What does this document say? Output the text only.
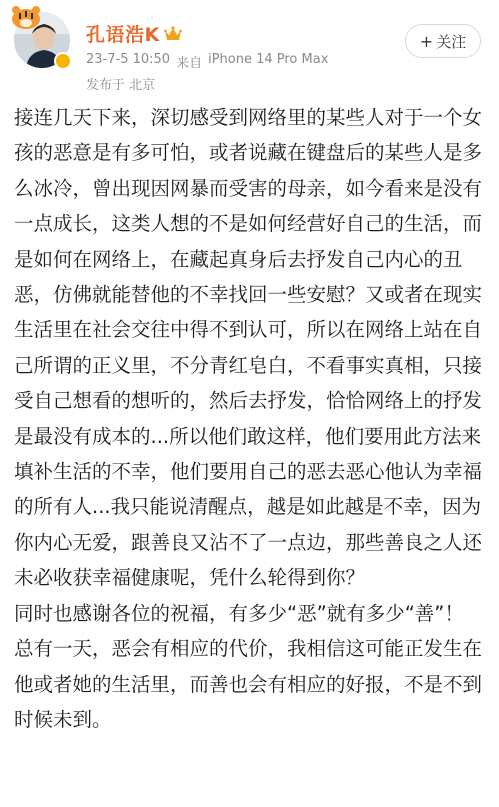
孔语浩K
23-7-5 10:50 来自 iPhone 14 Pro Max
发布于 北京
+ 关注

接连几天下来，深切感受到网络里的某些人对于一个女孩的恶意是有多可怕，或者说藏在键盘后的某些人是多么冰冷，曾出现因网暴而受害的母亲，如今看来是没有一点成长，这类人想的不是如何经营好自己的生活，而是如何在网络上，在藏起真身后去抒发自己内心的丑恶，仿佛就能替他的不幸找回一些安慰？又或者在现实生活里在社会交往中得不到认可，所以在网络上站在自己所谓的正义里，不分青红皂白，不看事实真相，只接受自己想看的想听的，然后去抒发，恰恰网络上的抒发是最没有成本的...所以他们敢这样，他们要用此方法来填补生活的不幸，他们要用自己的恶去恶心他认为幸福的所有人...我只能说清醒点，越是如此越是不幸，因为你内心无爱，跟善良又沾不了一点边，那些善良之人还未必收获幸福健康呢，凭什么轮得到你？

同时也感谢各位的祝福，有多少“恶”就有多少“善”！

总有一天，恶会有相应的代价，我相信这可能正发生在他或者她的生活里，而善也会有相应的好报，不是不到时候未到。
